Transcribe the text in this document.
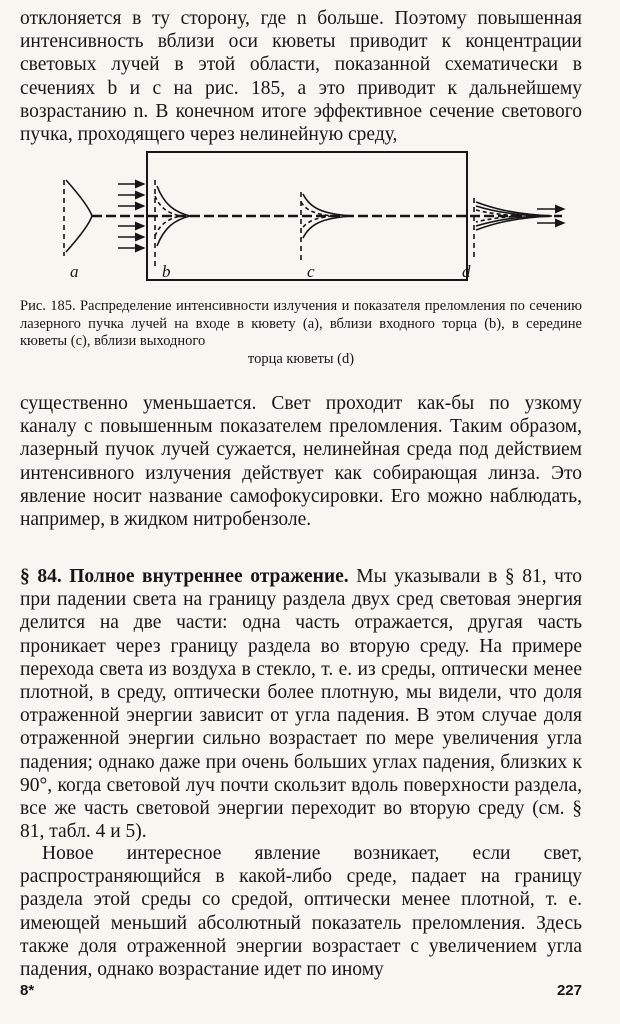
отклоняется в ту сторону, где n больше. Поэтому повышенная интенсивность вблизи оси кюветы приводит к концентрации световых лучей в этой области, показанной схематически в сечениях b и c на рис. 185, а это приводит к дальнейшему возрастанию n. В конечном итоге эффективное сечение светового пучка, проходящего через нелинейную среду,

a	b	c	d

Рис. 185. Распределение интенсивности излучения и показателя преломления по сечению лазерного пучка лучей на входе в кювету (a), вблизи входного торца (b), в середине кюветы (c), вблизи выходного
торца кюветы (d)

существенно уменьшается. Свет проходит как-бы по узкому каналу с повышенным показателем преломления. Таким образом, лазерный пучок лучей сужается, нелинейная среда под действием интенсивного излучения действует как собирающая линза. Это явление носит название самофокусировки. Его можно наблюдать, например, в жидком нитробензоле.

§ 84. Полное внутреннее отражение. Мы указывали в § 81, что при падении света на границу раздела двух сред световая энергия делится на две части: одна часть отражается, другая часть проникает через границу раздела во вторую среду. На примере перехода света из воздуха в стекло, т. е. из среды, оптически менее плотной, в среду, оптически более плотную, мы видели, что доля отраженной энергии зависит от угла падения. В этом случае доля отраженной энергии сильно возрастает по мере увеличения угла падения; однако даже при очень больших углах падения, близких к 90°, когда световой луч почти скользит вдоль поверхности раздела, все же часть световой энергии переходит во вторую среду (см. § 81, табл. 4 и 5).

Новое интересное явление возникает, если свет, распространяющийся в какой-либо среде, падает на границу раздела этой среды со средой, оптически менее плотной, т. е. имеющей меньший абсолютный показатель преломления. Здесь также доля отраженной энергии возрастает с увеличением угла падения, однако возрастание идет по иному

8*	227
